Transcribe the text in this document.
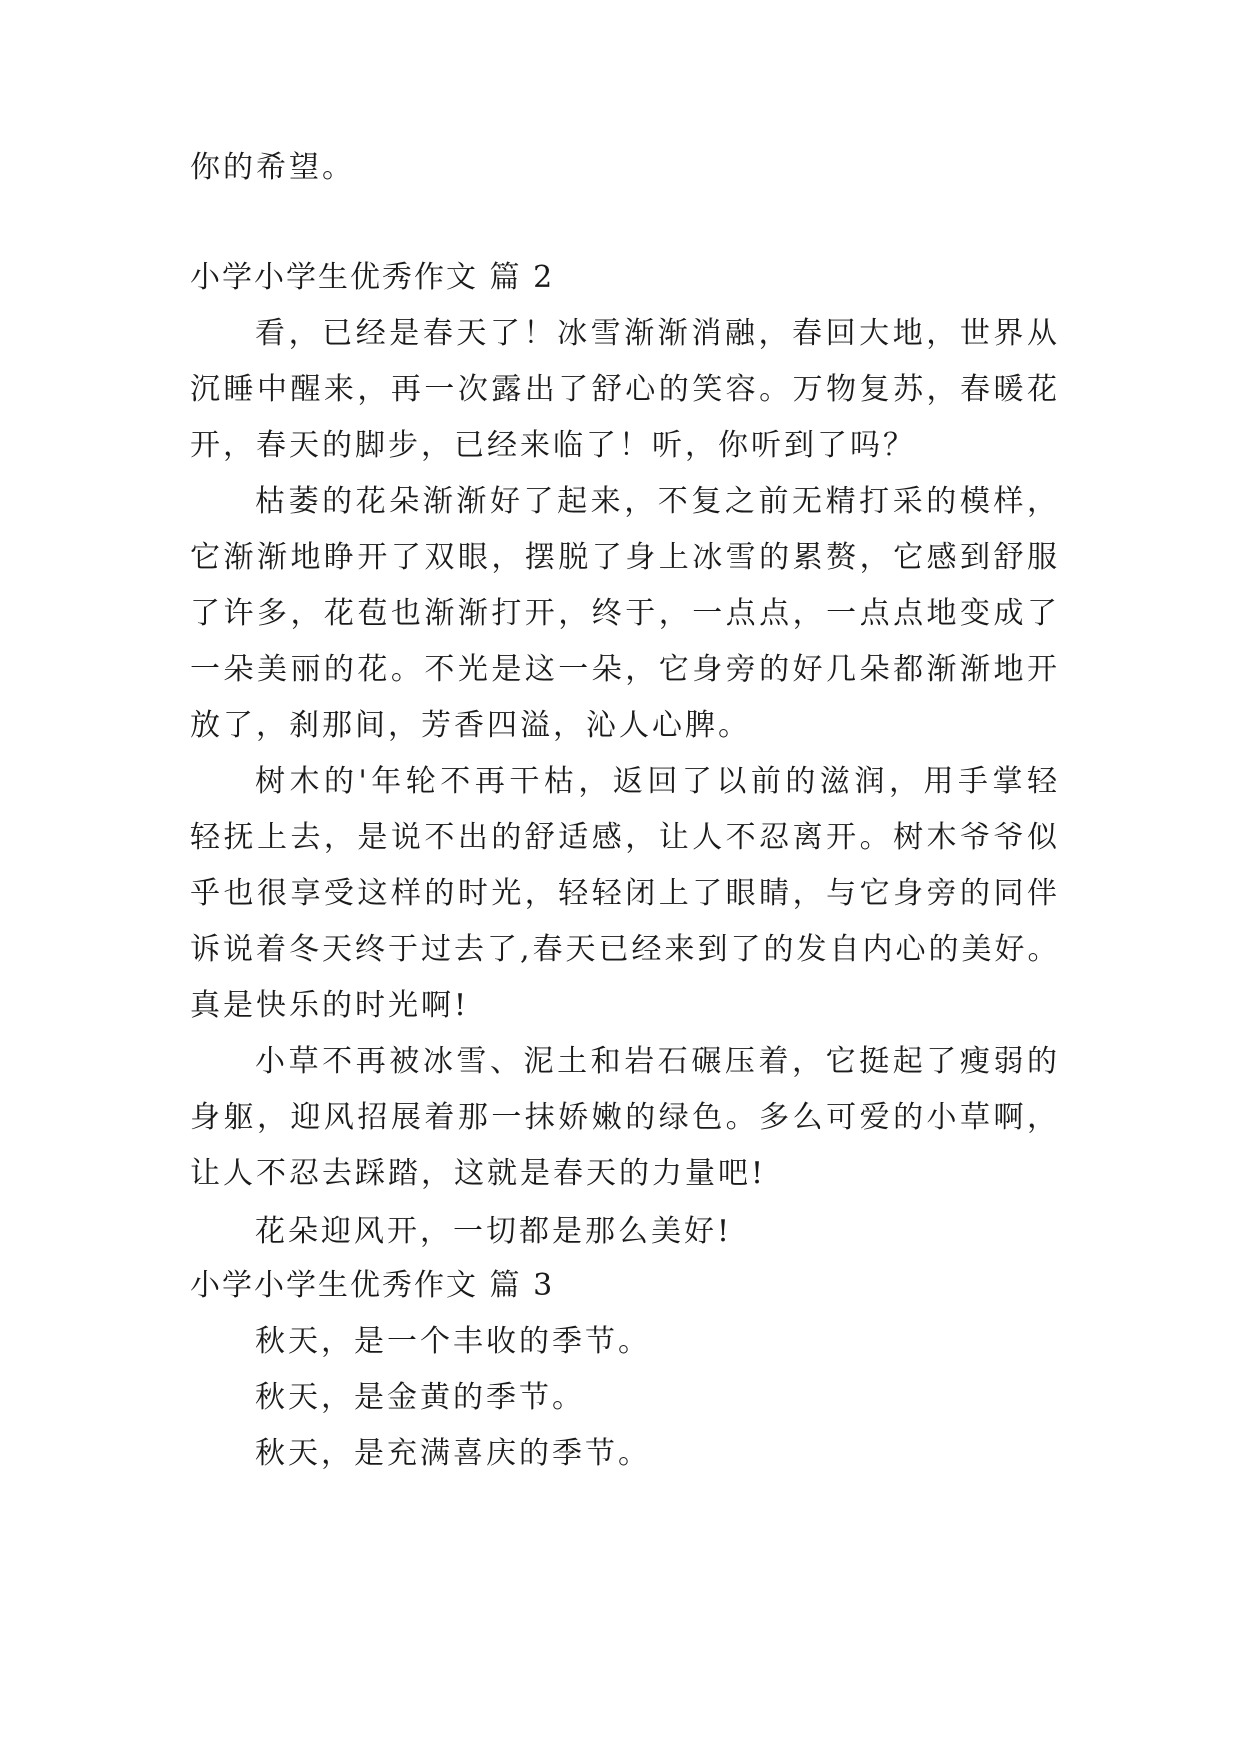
你的希望。

小学小学生优秀作文 篇 2

看，已经是春天了！冰雪渐渐消融，春回大地，世界从

沉睡中醒来，再一次露出了舒心的笑容。万物复苏，春暖花

开，春天的脚步，已经来临了！听，你听到了吗？

枯萎的花朵渐渐好了起来，不复之前无精打采的模样，

它渐渐地睁开了双眼，摆脱了身上冰雪的累赘，它感到舒服

了许多，花苞也渐渐打开，终于，一点点，一点点地变成了

一朵美丽的花。不光是这一朵，它身旁的好几朵都渐渐地开

放了，刹那间，芳香四溢，沁人心脾。

树木的'年轮不再干枯，返回了以前的滋润，用手掌轻

轻抚上去，是说不出的舒适感，让人不忍离开。树木爷爷似

乎也很享受这样的时光，轻轻闭上了眼睛，与它身旁的同伴

诉说着冬天终于过去了,春天已经来到了的发自内心的美好。

真是快乐的时光啊!

小草不再被冰雪、泥土和岩石碾压着，它挺起了瘦弱的

身躯，迎风招展着那一抹娇嫩的绿色。多么可爱的小草啊，

让人不忍去踩踏，这就是春天的力量吧!

花朵迎风开，一切都是那么美好!

小学小学生优秀作文 篇 3

秋天，是一个丰收的季节。

秋天，是金黄的季节。

秋天，是充满喜庆的季节。
